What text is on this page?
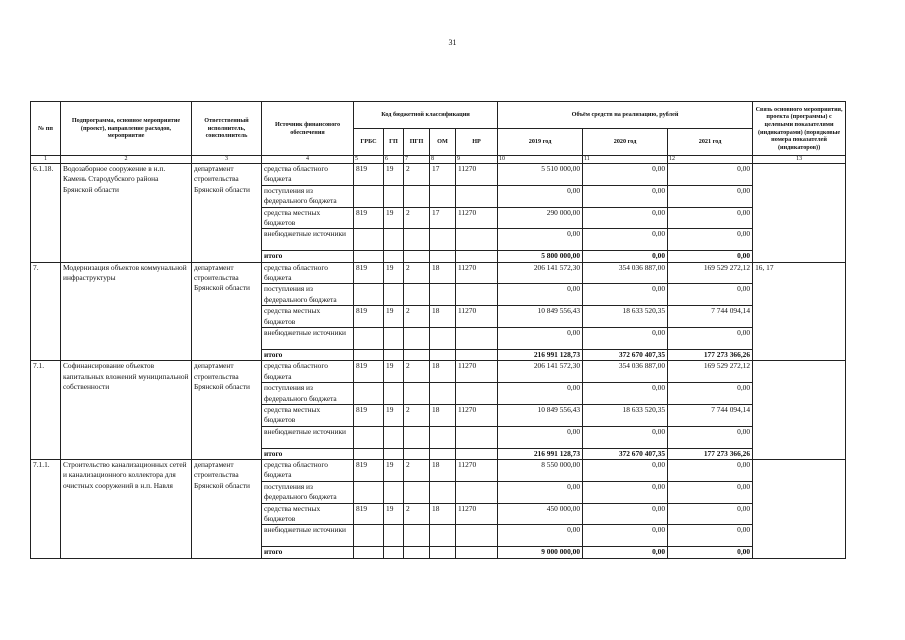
31
№ пп	Подпрограмма, основное мероприятие (проект), направление расходов, мероприятие	Ответственный исполнитель, соисполнитель	Источник финансового обеспечения	Код бюджетной классификации					Объём средств на реализацию, рублей			Связь основного мероприятия, проекта (программы) с целевыми показателями (индикаторами) (порядковые номера показателей (индикаторов))
				ГРБС	ГП	ПГП	ОМ	НР	2019 год	2020 год	2021 год	
1	2	3	4	5	6	7	8	9	10	11	12	13
6.1.18.	Водозаборное сооружение в н.п. Камень Стародубского района Брянской области	департамент строительства Брянской области	средства областного бюджета	819	19	2	17	11270	5 510 000,00	0,00	0,00	
			поступления из федерального бюджета						0,00	0,00	0,00	
			средства местных бюджетов	819	19	2	17	11270	290 000,00	0,00	0,00	
			внебюджетные источники						0,00	0,00	0,00	
			итого						5 800 000,00	0,00	0,00	
7.	Модернизация объектов коммунальной инфраструктуры	департамент строительства Брянской области	средства областного бюджета	819	19	2	18	11270	206 141 572,30	354 036 887,00	169 529 272,12	16, 17
			поступления из федерального бюджета						0,00	0,00	0,00	
			средства местных бюджетов	819	19	2	18	11270	10 849 556,43	18 633 520,35	7 744 094,14	
			внебюджетные источники						0,00	0,00	0,00	
			итого						216 991 128,73	372 670 407,35	177 273 366,26	
7.1.	Софинансирование объектов капитальных вложений муниципальной собственности	департамент строительства Брянской области	средства областного бюджета	819	19	2	18	11270	206 141 572,30	354 036 887,00	169 529 272,12	
			поступления из федерального бюджета						0,00	0,00	0,00	
			средства местных бюджетов	819	19	2	18	11270	10 849 556,43	18 633 520,35	7 744 094,14	
			внебюджетные источники						0,00	0,00	0,00	
			итого						216 991 128,73	372 670 407,35	177 273 366,26	
7.1.1.	Строительство канализационных сетей и канализационного коллектора для очистных сооружений в н.п. Навля	департамент строительства Брянской области	средства областного бюджета	819	19	2	18	11270	8 550 000,00	0,00	0,00	
			поступления из федерального бюджета						0,00	0,00	0,00	
			средства местных бюджетов	819	19	2	18	11270	450 000,00	0,00	0,00	
			внебюджетные источники						0,00	0,00	0,00	
			итого						9 000 000,00	0,00	0,00	
